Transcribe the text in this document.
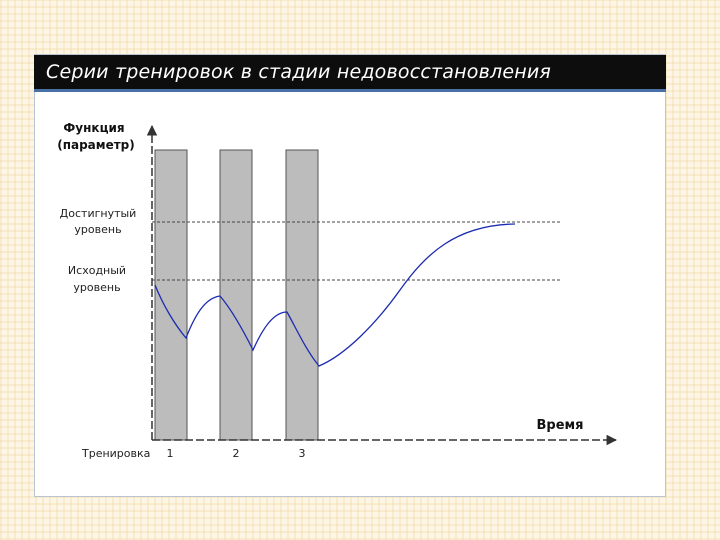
Серии тренировок в стадии недовосстановления
Функция
(параметр)
Достигнутый
уровень
Исходный
уровень
Время
Тренировка 1	2	3
